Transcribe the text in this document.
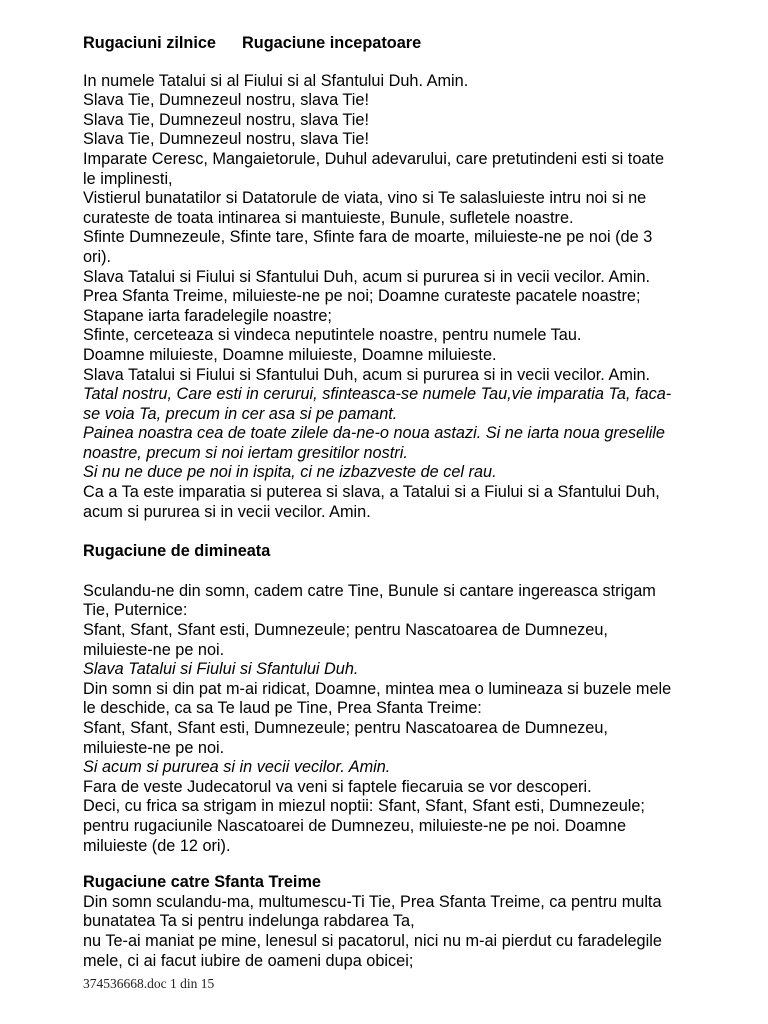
Rugaciuni zilnice Rugaciune incepatoare
In numele Tatalui si al Fiului si al Sfantului Duh. Amin.
Slava Tie, Dumnezeul nostru, slava Tie!
Slava Tie, Dumnezeul nostru, slava Tie!
Slava Tie, Dumnezeul nostru, slava Tie!
Imparate Ceresc, Mangaietorule, Duhul adevarului, care pretutindeni esti si toate
le implinesti,
Vistierul bunatatilor si Datatorule de viata, vino si Te salasluieste intru noi si ne
curateste de toata intinarea si mantuieste, Bunule, sufletele noastre.
Sfinte Dumnezeule, Sfinte tare, Sfinte fara de moarte, miluieste-ne pe noi (de 3
ori).
Slava Tatalui si Fiului si Sfantului Duh, acum si pururea si in vecii vecilor. Amin.
Prea Sfanta Treime, miluieste-ne pe noi; Doamne curateste pacatele noastre;
Stapane iarta faradelegile noastre;
Sfinte, cerceteaza si vindeca neputintele noastre, pentru numele Tau.
Doamne miluieste, Doamne miluieste, Doamne miluieste.
Slava Tatalui si Fiului si Sfantului Duh, acum si pururea si in vecii vecilor. Amin.
Tatal nostru, Care esti in cerurui, sfinteasca-se numele Tau,vie imparatia Ta, faca-
se voia Ta, precum in cer asa si pe pamant.
Painea noastra cea de toate zilele da-ne-o noua astazi. Si ne iarta noua greselile
noastre, precum si noi iertam gresitilor nostri.
Si nu ne duce pe noi in ispita, ci ne izbazveste de cel rau.
Ca a Ta este imparatia si puterea si slava, a Tatalui si a Fiului si a Sfantului Duh,
acum si pururea si in vecii vecilor. Amin.
Rugaciune de dimineata
Sculandu-ne din somn, cadem catre Tine, Bunule si cantare ingereasca strigam
Tie, Puternice:
Sfant, Sfant, Sfant esti, Dumnezeule; pentru Nascatoarea de Dumnezeu,
miluieste-ne pe noi.
Slava Tatalui si Fiului si Sfantului Duh.
Din somn si din pat m-ai ridicat, Doamne, mintea mea o lumineaza si buzele mele
le deschide, ca sa Te laud pe Tine, Prea Sfanta Treime:
Sfant, Sfant, Sfant esti, Dumnezeule; pentru Nascatoarea de Dumnezeu,
miluieste-ne pe noi.
Si acum si pururea si in vecii vecilor. Amin.
Fara de veste Judecatorul va veni si faptele fiecaruia se vor descoperi.
Deci, cu frica sa strigam in miezul noptii: Sfant, Sfant, Sfant esti, Dumnezeule;
pentru rugaciunile Nascatoarei de Dumnezeu, miluieste-ne pe noi. Doamne
miluieste (de 12 ori).
Rugaciune catre Sfanta Treime
Din somn sculandu-ma, multumescu-Ti Tie, Prea Sfanta Treime, ca pentru multa
bunatatea Ta si pentru indelunga rabdarea Ta,
nu Te-ai maniat pe mine, lenesul si pacatorul, nici nu m-ai pierdut cu faradelegile
mele, ci ai facut iubire de oameni dupa obicei;
374536668.doc 1 din 15
